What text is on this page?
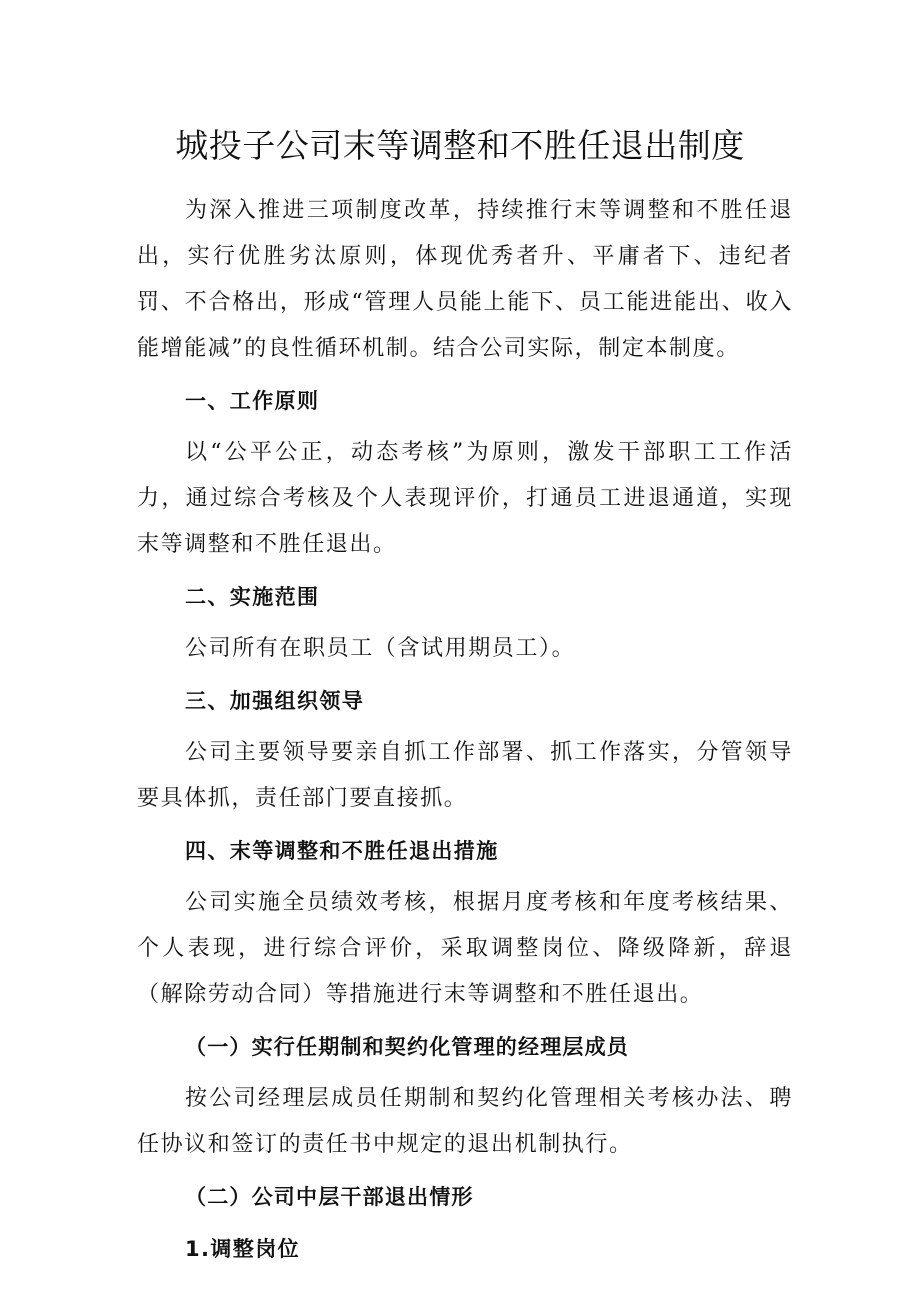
城投子公司末等调整和不胜任退出制度

为深入推进三项制度改革，持续推行末等调整和不胜任退出，实行优胜劣汰原则，体现优秀者升、平庸者下、违纪者罚、不合格出，形成“管理人员能上能下、员工能进能出、收入能增能减”的良性循环机制。结合公司实际，制定本制度。

一、工作原则

以“公平公正，动态考核”为原则，激发干部职工工作活力，通过综合考核及个人表现评价，打通员工进退通道，实现末等调整和不胜任退出。

二、实施范围

公司所有在职员工（含试用期员工）。

三、加强组织领导

公司主要领导要亲自抓工作部署、抓工作落实，分管领导要具体抓，责任部门要直接抓。

四、末等调整和不胜任退出措施

公司实施全员绩效考核，根据月度考核和年度考核结果、个人表现，进行综合评价，采取调整岗位、降级降新，辞退（解除劳动合同）等措施进行末等调整和不胜任退出。

（一）实行任期制和契约化管理的经理层成员

按公司经理层成员任期制和契约化管理相关考核办法、聘任协议和签订的责任书中规定的退出机制执行。

（二）公司中层干部退出情形

1.调整岗位
